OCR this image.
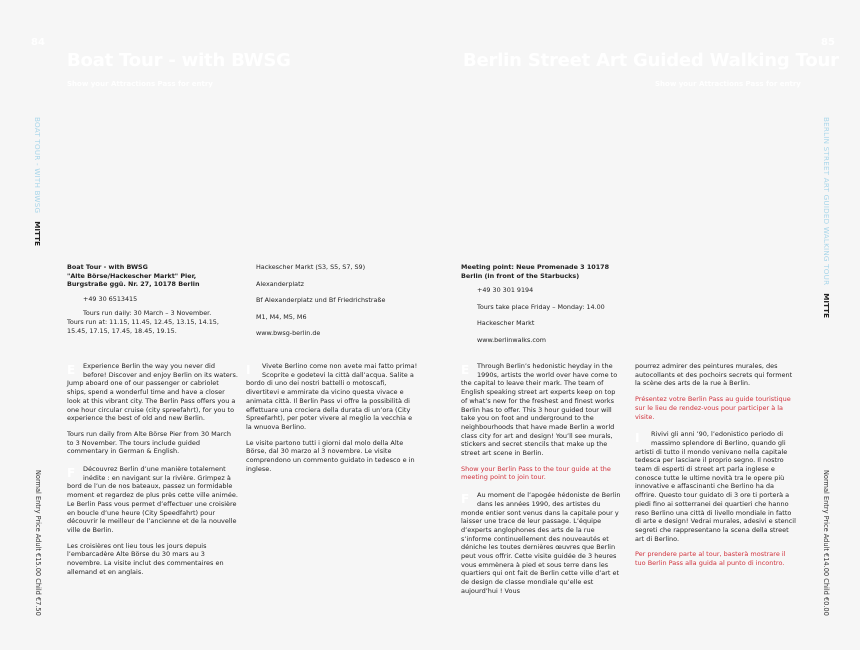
84
Boat Tour - with BWSG
Show your Attractions Pass for entry
BOAT TOUR - WITH BWSGMITTE
Normal Entry Price Adult €15.00 Child €7.50

Boat Tour - with BWSG
"Alte Börse/Hackescher Markt" Pier,
Burgstraße ggü. Nr. 27, 10178 Berlin

+49 30 6513415

Tours run daily: 30 March – 3 November.
Tours run at: 11.15, 11.45, 12.45, 13.15, 14.15,
15.45, 17.15, 17.45, 18.45, 19.15.
Hackescher Markt (S3, S5, S7, S9)
Alexanderplatz
Bf Alexanderplatz und Bf Friedrichstraße
M1, M4, M5, M6
www.bwsg-berlin.de

E	Experience Berlin the way you never did before! Discover and enjoy Berlin on its waters. Jump aboard one of our passenger or cabriolet ships, spend a wonderful time and have a closer look at this vibrant city. The Berlin Pass offers you a one hour circular cruise (city spreefahrt), for you to experience the best of old and new Berlin.

Tours run daily from Alte Börse Pier from 30 March to 3 November. The tours include guided commentary in German & English.

F	Découvrez Berlin d’une manière totalement inédite : en navigant sur la rivière. Grimpez à bord de l’un de nos bateaux, passez un formidable moment et regardez de plus près cette ville animée. Le Berlin Pass vous permet d’effectuer une croisière en boucle d’une heure (City Speedfahrt) pour découvrir le meilleur de l’ancienne et de la nouvelle ville de Berlin.

Les croisières ont lieu tous les jours depuis l’embarcadère Alte Börse du 30 mars au 3 novembre. La visite inclut des commentaires en allemand et en anglais.

I	Vivete Berlino come non avete mai fatto prima! Scoprite e godetevi la città dall’acqua. Salite a bordo di uno dei nostri battelli o motoscafi, divertitevi e ammirate da vicino questa vivace e animata città. Il Berlin Pass vi offre la possibilità di effettuare una crociera della durata di un’ora (City Spreefarht), per poter vivere al meglio la vecchia e la wnuova Berlino.

Le visite partono tutti i giorni dal molo della Alte Börse, dal 30 marzo al 3 novembre. Le visite comprendono un commento guidato in tedesco e in inglese.

85
Berlin Street Art Guided Walking Tour
Show your Attractions Pass for entry
BERLIN STREET ART GUIDED WALKING TOURMITTE
Normal Entry Price Adult €14.00 Child €0.00

Meeting point: Neue Promenade 3 10178
Berlin (in front of the Starbucks)

+49 30 301 9194
Tours take place Friday – Monday: 14.00
Hackescher Markt
www.berlinwalks.com

E	Through Berlin’s hedonistic heyday in the 1990s, artists the world over have come to the capital to leave their mark. The team of English speaking street art experts keep on top of what’s new for the freshest and finest works Berlin has to offer. This 3 hour guided tour will take you on foot and underground to the neighbourhoods that have made Berlin a world class city for art and design! You’ll see murals, stickers and secret stencils that make up the street art scene in Berlin.

Show your Berlin Pass to the tour guide at the meeting point to join tour.

F	Au moment de l’apogée hédoniste de Berlin dans les années 1990, des artistes du monde entier sont venus dans la capitale pour y laisser une trace de leur passage. L’équipe d’experts anglophones des arts de la rue s’informe continuellement des nouveautés et déniche les toutes dernières œuvres que Berlin peut vous offrir. Cette visite guidée de 3 heures vous emmènera à pied et sous terre dans les quartiers qui ont fait de Berlin cette ville d’art et de design de classe mondiale qu’elle est aujourd’hui ! Vous

pourrez admirer des peintures murales, des autocollants et des pochoirs secrets qui forment la scène des arts de la rue à Berlin.

Présentez votre Berlin Pass au guide touristique sur le lieu de rendez-vous pour participer à la visite.

I	Rivivi gli anni ’90, l’edonistico periodo di massimo splendore di Berlino, quando gli artisti di tutto il mondo venivano nella capitale tedesca per lasciare il proprio segno. Il nostro team di esperti di street art parla inglese e conosce tutte le ultime novità tra le opere più innovative e affascinanti che Berlino ha da offrire. Questo tour guidato di 3 ore ti porterà a piedi fino ai sotterranei dei quartieri che hanno reso Berlino una città di livello mondiale in fatto di arte e design! Vedrai murales, adesivi e stencil segreti che rappresentano la scena della street art di Berlino.

Per prendere parte al tour, basterà mostrare il tuo Berlin Pass alla guida al punto di incontro.
